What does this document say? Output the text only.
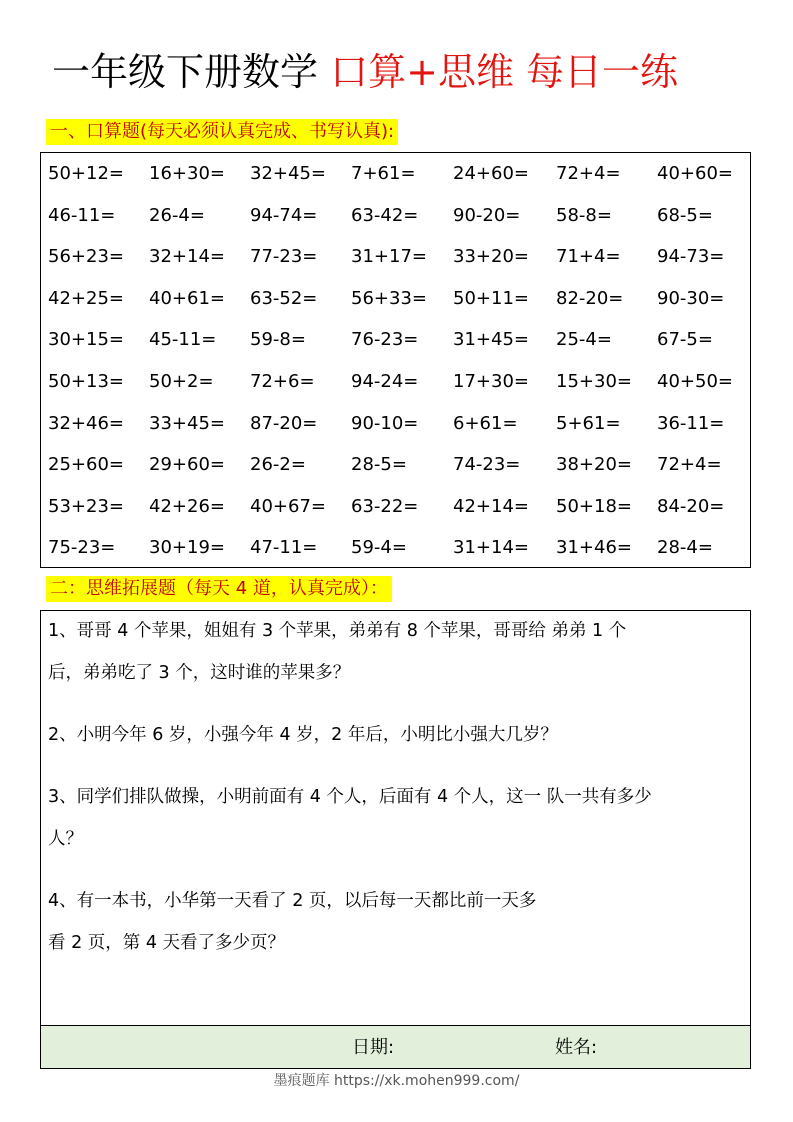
一年级下册数学 口算+思维 每日一练
一、口算题(每天必须认真完成、书写认真):
50+12= 16+30= 32+45= 7+61= 24+60= 72+4= 40+60=
46-11= 26-4=	94-74= 63-42= 90-20= 58-8=	68-5=
56+23= 32+14= 77-23= 31+17= 33+20= 71+4= 94-73=
42+25= 40+61= 63-52= 56+33= 50+11= 82-20= 90-30=
30+15= 45-11= 59-8=	76-23= 31+45= 25-4=	67-5=
50+13= 50+2= 72+6= 94-24= 17+30= 15+30= 40+50=
32+46= 33+45= 87-20= 90-10= 6+61= 5+61= 36-11=
25+60= 29+60= 26-2=	28-5=	74-23= 38+20= 72+4=
53+23= 42+26= 40+67= 63-22= 42+14= 50+18= 84-20=
75-23= 30+19= 47-11= 59-4=	31+14= 31+46= 28-4=
二：思维拓展题（每天 4 道，认真完成）：
1、哥哥 4 个苹果，姐姐有 3 个苹果，弟弟有 8 个苹果，哥哥给 弟弟 1 个
后，弟弟吃了 3 个，这时谁的苹果多？
2、小明今年 6 岁，小强今年 4 岁，2 年后，小明比小强大几岁？
3、同学们排队做操，小明前面有 4 个人，后面有 4 个人，这一 队一共有多少
人？
4、有一本书，小华第一天看了 2 页，以后每一天都比前一天多
看 2 页，第 4 天看了多少页？
日期:	姓名:
墨痕题库 https://xk.mohen999.com/
